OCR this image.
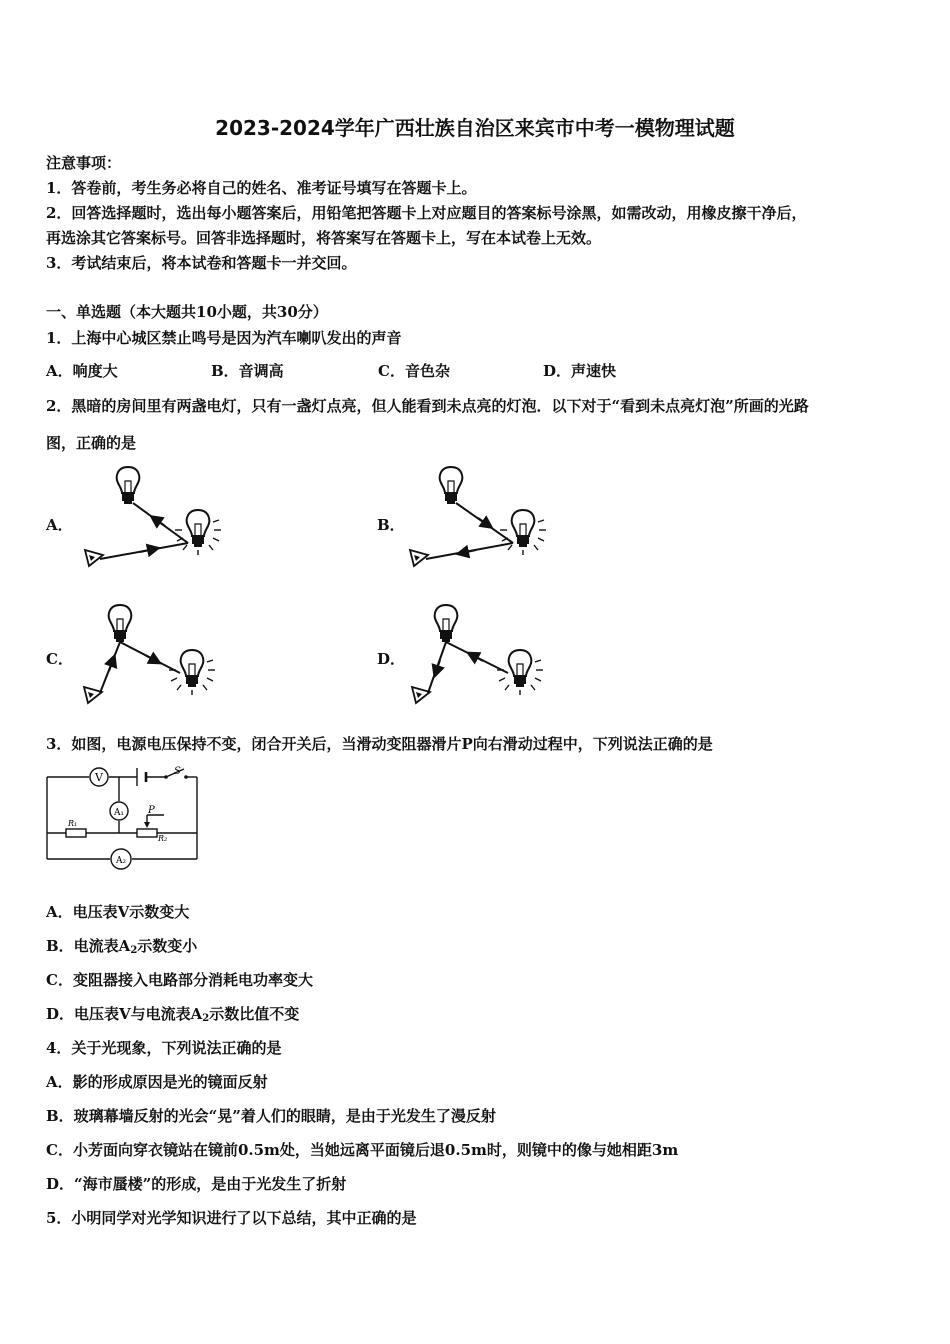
2023-2024学年广西壮族自治区来宾市中考一模物理试题
注意事项：
1．答卷前，考生务必将自己的姓名、准考证号填写在答题卡上。
2．回答选择题时，选出每小题答案后，用铅笔把答题卡上对应题目的答案标号涂黑，如需改动，用橡皮擦干净后，
再选涂其它答案标号。回答非选择题时，将答案写在答题卡上，写在本试卷上无效。
3．考试结束后，将本试卷和答题卡一并交回。
一、单选题（本大题共10小题，共30分）
1．上海中心城区禁止鸣号是因为汽车喇叭发出的声音
A．响度大	B．音调高	C．音色杂	D．声速快
2．黑暗的房间里有两盏电灯，只有一盏灯点亮，但人能看到未点亮的灯泡．以下对于“看到未点亮灯泡”所画的光路
图，正确的是
A．	B．
C．	D．
3．如图，电源电压保持不变，闭合开关后，当滑动变阻器滑片P向右滑动过程中，下列说法正确的是
V
A₁
A₂
S
P
R₁
R₂
A．电压表V示数变大
B．电流表$A_2$示数变小
C．变阻器接入电路部分消耗电功率变大
D．电压表V与电流表$A_2$示数比值不变
4．关于光现象，下列说法正确的是
A．影的形成原因是光的镜面反射
B．玻璃幕墙反射的光会“晃”着人们的眼睛，是由于光发生了漫反射
C．小芳面向穿衣镜站在镜前0.5m处，当她远离平面镜后退0.5m时，则镜中的像与她相距3m
D．“海市蜃楼”的形成，是由于光发生了折射
5．小明同学对光学知识进行了以下总结，其中正确的是
